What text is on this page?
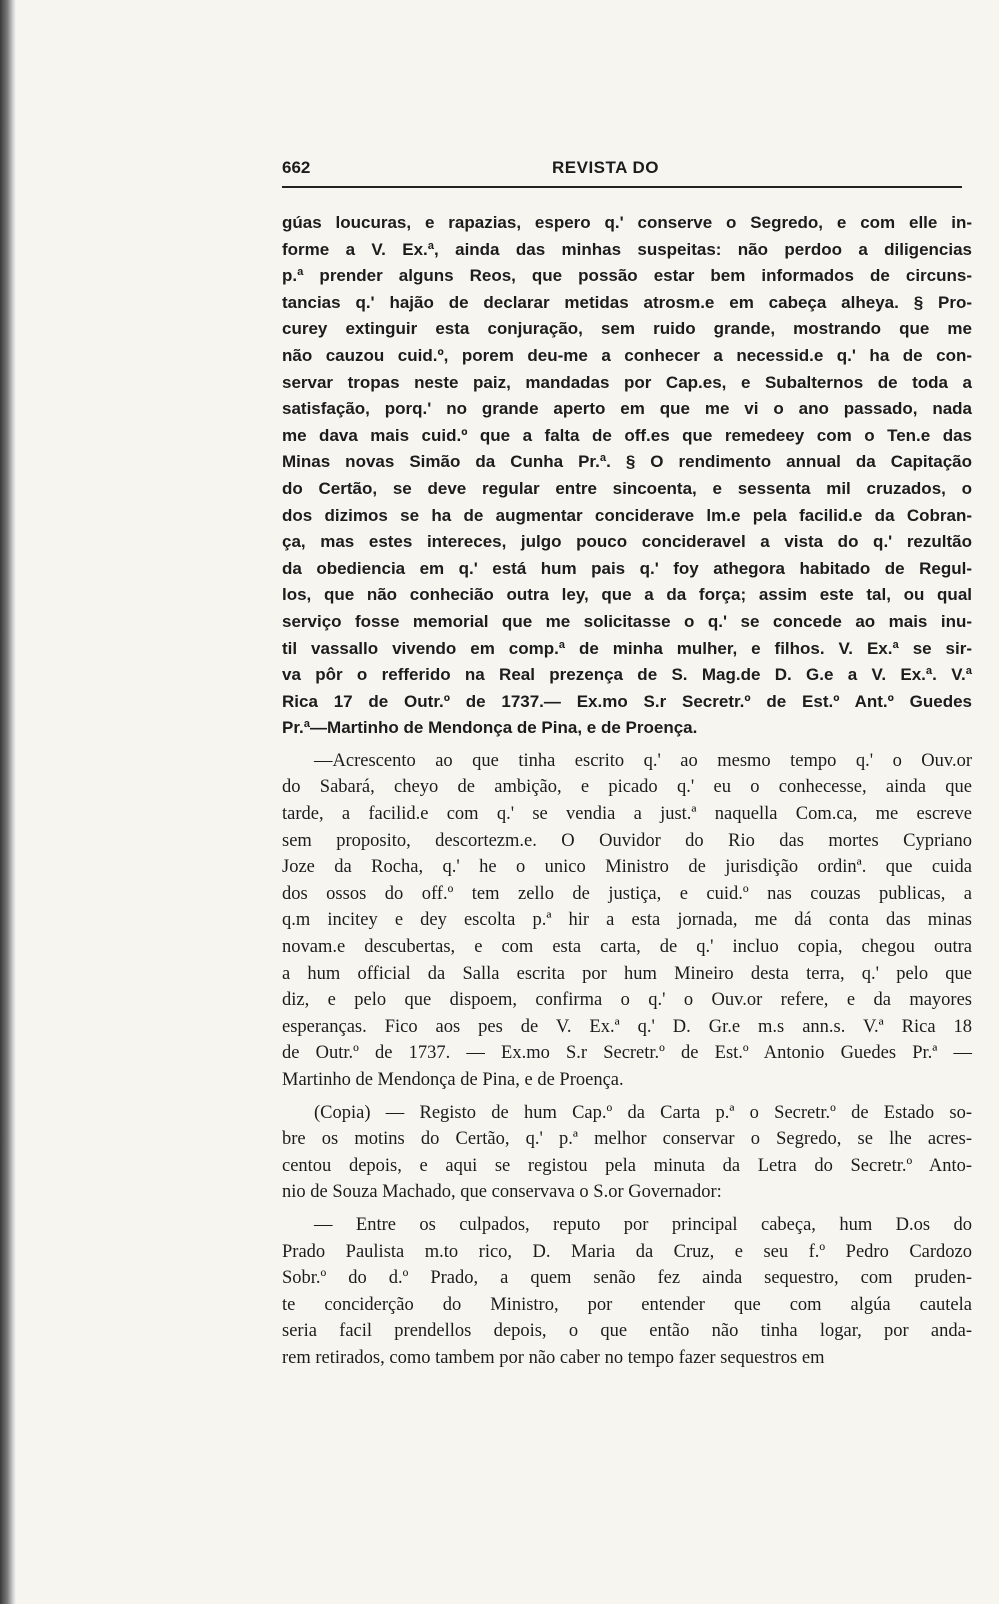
662	REVISTA DO
gúas loucuras, e rapazias, espero q.' conserve o Segredo, e com elle in-
forme a V. Ex.ª, ainda das minhas suspeitas: não perdoo a diligencias
p.ª prender alguns Reos, que possão estar bem informados de circuns-
tancias q.' hajão de declarar metidas atrosm.e em cabeça alheya. § Pro-
curey extinguir esta conjuração, sem ruido grande, mostrando que me
não cauzou cuid.º, porem deu-me a conhecer a necessid.e q.' ha de con-
servar tropas neste paiz, mandadas por Cap.es, e Subalternos de toda a
satisfação, porq.' no grande aperto em que me vi o ano passado, nada
me dava mais cuid.º que a falta de off.es que remedeey com o Ten.e das
Minas novas Simão da Cunha Pr.ª. § O rendimento annual da Capitação
do Certão, se deve regular entre sincoenta, e sessenta mil cruzados, o
dos dizimos se ha de augmentar conciderave lm.e pela facilid.e da Cobran-
ça, mas estes intereces, julgo pouco concideravel a vista do q.' rezultão
da obediencia em q.' está hum pais q.' foy athegora habitado de Regul-
los, que não conhecião outra ley, que a da força; assim este tal, ou qual
serviço fosse memorial que me solicitasse o q.' se concede ao mais inu-
til vassallo vivendo em comp.ª de minha mulher, e filhos. V. Ex.ª se sir-
va pôr o refferido na Real prezença de S. Mag.de D. G.e a V. Ex.ª. V.ª
Rica 17 de Outr.º de 1737.— Ex.mo S.r Secretr.º de Est.º Ant.º Guedes
Pr.ª—Martinho de Mendonça de Pina, e de Proença.
—Acrescento ao que tinha escrito q.' ao mesmo tempo q.' o Ouv.or
do Sabará, cheyo de ambição, e picado q.' eu o conhecesse, ainda que
tarde, a facilid.e com q.' se vendia a just.ª naquella Com.ca, me escreve
sem proposito, descortezm.e. O Ouvidor do Rio das mortes Cypriano
Joze da Rocha, q.' he o unico Ministro de jurisdição ordinª. que cuida
dos ossos do off.º tem zello de justiça, e cuid.º nas couzas publicas, a
q.m incitey e dey escolta p.ª hir a esta jornada, me dá conta das minas
novam.e descubertas, e com esta carta, de q.' incluo copia, chegou outra
a hum official da Salla escrita por hum Mineiro desta terra, q.' pelo que
diz, e pelo que dispoem, confirma o q.' o Ouv.or refere, e da mayores
esperanças. Fico aos pes de V. Ex.ª q.' D. Gr.e m.s ann.s. V.ª Rica 18
de Outr.º de 1737. — Ex.mo S.r Secretr.º de Est.º Antonio Guedes Pr.ª —
Martinho de Mendonça de Pina, e de Proença.
(Copia) — Registo de hum Cap.º da Carta p.ª o Secretr.º de Estado so-
bre os motins do Certão, q.' p.ª melhor conservar o Segredo, se lhe acres-
centou depois, e aqui se registou pela minuta da Letra do Secretr.º Anto-
nio de Souza Machado, que conservava o S.or Governador:
— Entre os culpados, reputo por principal cabeça, hum D.os do
Prado Paulista m.to rico, D. Maria da Cruz, e seu f.º Pedro Cardozo
Sobr.º do d.º Prado, a quem senão fez ainda sequestro, com pruden-
te conciderção do Ministro, por entender que com algúa cautela
seria facil prendellos depois, o que então não tinha logar, por anda-
rem retirados, como tambem por não caber no tempo fazer sequestros em
